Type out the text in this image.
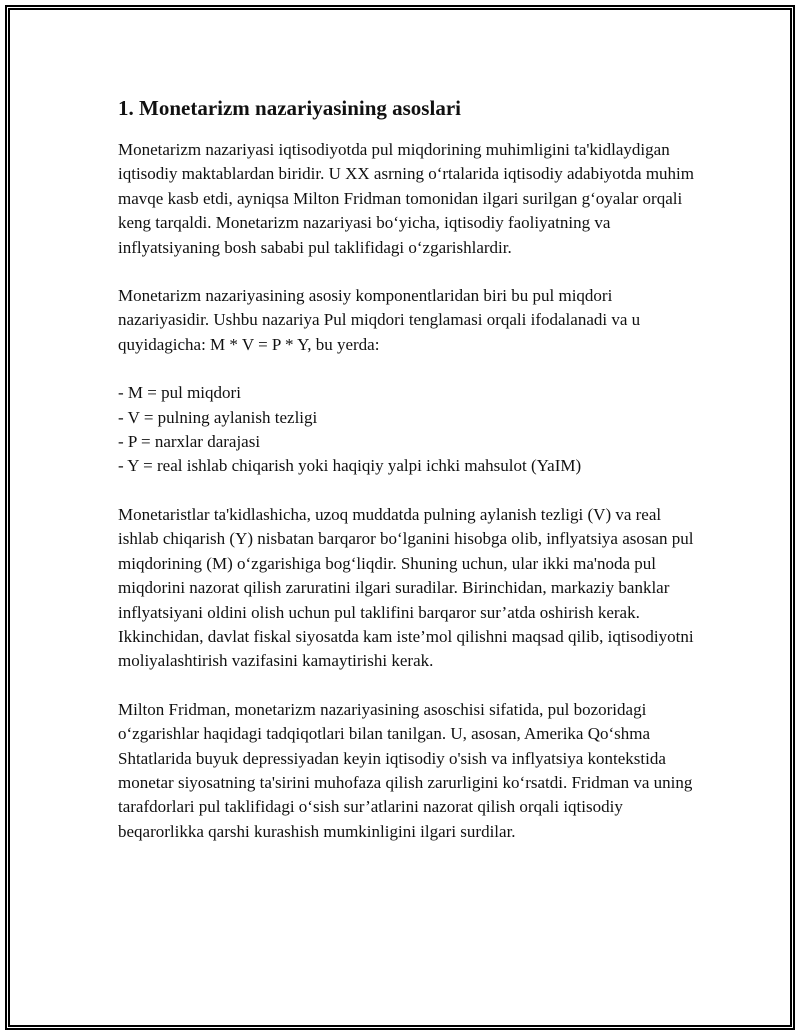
1. Monetarizm nazariyasining asoslari

Monetarizm nazariyasi iqtisodiyotda pul miqdorining muhimligini ta'kidlaydigan iqtisodiy maktablardan biridir. U XX asrning o‘rtalarida iqtisodiy adabiyotda muhim mavqe kasb etdi, ayniqsa Milton Fridman tomonidan ilgari surilgan g‘oyalar orqali keng tarqaldi. Monetarizm nazariyasi bo‘yicha, iqtisodiy faoliyatning va inflyatsiyaning bosh sababi pul taklifidagi o‘zgarishlardir.

Monetarizm nazariyasining asosiy komponentlaridan biri bu pul miqdori nazariyasidir. Ushbu nazariya Pul miqdori tenglamasi orqali ifodalanadi va u quyidagicha: M * V = P * Y, bu yerda:

- M = pul miqdori
- V = pulning aylanish tezligi
- P = narxlar darajasi
- Y = real ishlab chiqarish yoki haqiqiy yalpi ichki mahsulot (YaIM)

Monetaristlar ta'kidlashicha, uzoq muddatda pulning aylanish tezligi (V) va real ishlab chiqarish (Y) nisbatan barqaror bo‘lganini hisobga olib, inflyatsiya asosan pul miqdorining (M) o‘zgarishiga bog‘liqdir. Shuning uchun, ular ikki ma'noda pul miqdorini nazorat qilish zaruratini ilgari suradilar. Birinchidan, markaziy banklar inflyatsiyani oldini olish uchun pul taklifini barqaror sur’atda oshirish kerak. Ikkinchidan, davlat fiskal siyosatda kam iste’mol qilishni maqsad qilib, iqtisodiyotni moliyalashtirish vazifasini kamaytirishi kerak.

Milton Fridman, monetarizm nazariyasining asoschisi sifatida, pul bozoridagi o‘zgarishlar haqidagi tadqiqotlari bilan tanilgan. U, asosan, Amerika Qo‘shma Shtatlarida buyuk depressiyadan keyin iqtisodiy o'sish va inflyatsiya kontekstida monetar siyosatning ta'sirini muhofaza qilish zarurligini ko‘rsatdi. Fridman va uning tarafdorlari pul taklifidagi o‘sish sur’atlarini nazorat qilish orqali iqtisodiy beqarorlikka qarshi kurashish mumkinligini ilgari surdilar.
